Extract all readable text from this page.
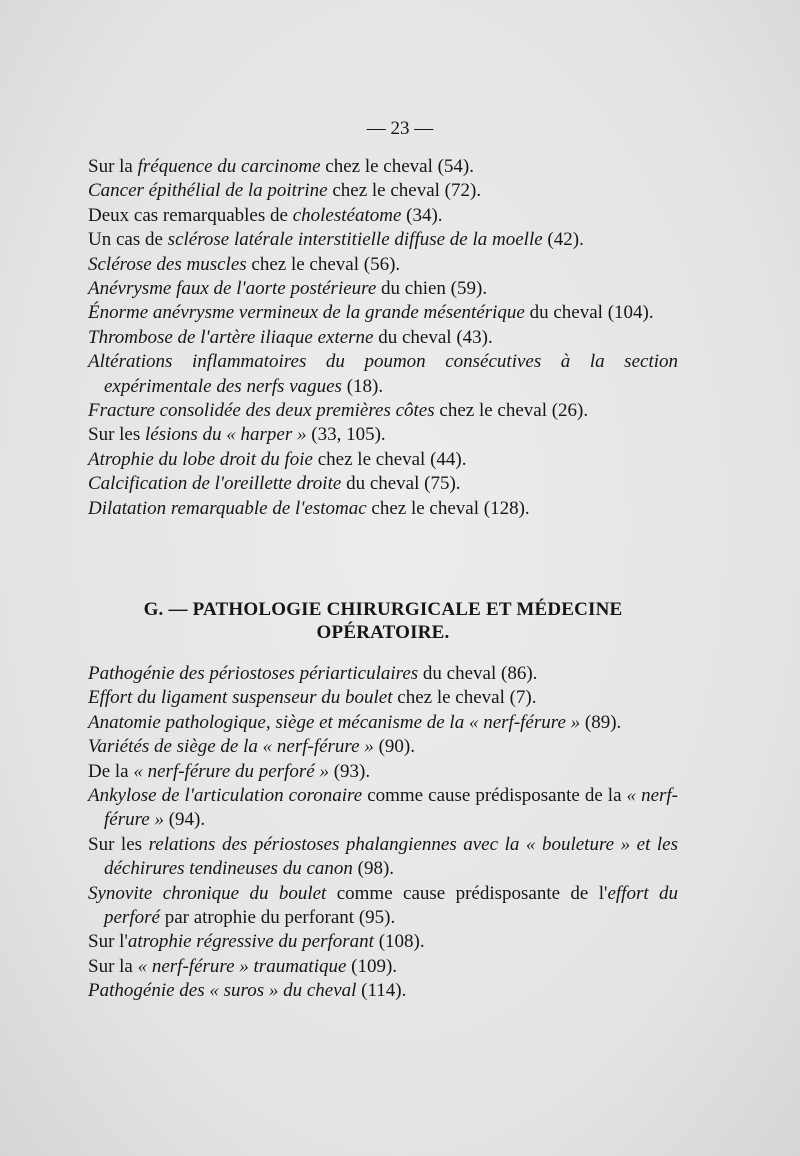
— 23 —
Sur la fréquence du carcinome chez le cheval (54).
Cancer épithélial de la poitrine chez le cheval (72).
Deux cas remarquables de cholestéatome (34).
Un cas de sclérose latérale interstitielle diffuse de la moelle (42).
Sclérose des muscles chez le cheval (56).
Anévrysme faux de l'aorte postérieure du chien (59).
Énorme anévrysme vermineux de la grande mésentérique du cheval (104).
Thrombose de l'artère iliaque externe du cheval (43).
Altérations inflammatoires du poumon consécutives à la section expérimentale des nerfs vagues (18).
Fracture consolidée des deux premières côtes chez le cheval (26).
Sur les lésions du « harper » (33, 105).
Atrophie du lobe droit du foie chez le cheval (44).
Calcification de l'oreillette droite du cheval (75).
Dilatation remarquable de l'estomac chez le cheval (128).
G. — PATHOLOGIE CHIRURGICALE ET MÉDECINE OPÉRATOIRE.
Pathogénie des périostoses périarticulaires du cheval (86).
Effort du ligament suspenseur du boulet chez le cheval (7).
Anatomie pathologique, siège et mécanisme de la « nerf-férure » (89).
Variétés de siège de la « nerf-férure » (90).
De la « nerf-férure du perforé » (93).
Ankylose de l'articulation coronaire comme cause prédisposante de la « nerf-férure » (94).
Sur les relations des périostoses phalangiennes avec la « bouleture » et les déchirures tendineuses du canon (98).
Synovite chronique du boulet comme cause prédisposante de l'effort du perforé par atrophie du perforant (95).
Sur l'atrophie régressive du perforant (108).
Sur la « nerf-férure » traumatique (109).
Pathogénie des « suros » du cheval (114).
